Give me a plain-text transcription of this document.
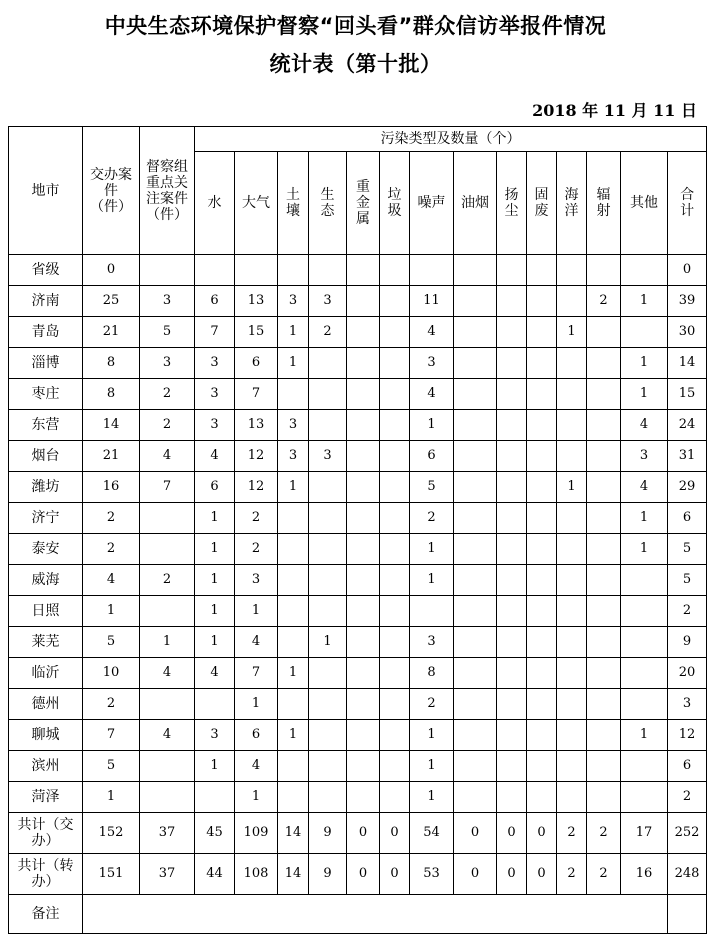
中央生态环境保护督察“回头看”群众信访举报件情况
统计表（第十批）
2018 年 11 月 11 日
地市	交办案件（件）	督察组重点关注案件（件）	污染类型及数量（个）													
			水	大气	土壤	生态	重金属	垃圾	噪声	油烟	扬尘	固废	海洋	辐射	其他	合计
省级	0															0
济南	25	3	6	13	3	3			11					2	1	39
青岛	21	5	7	15	1	2			4				1			30
淄博	8	3	3	6	1				3						1	14
枣庄	8	2	3	7					4						1	15
东营	14	2	3	13	3				1						4	24
烟台	21	4	4	12	3	3			6						3	31
潍坊	16	7	6	12	1				5				1		4	29
济宁	2		1	2					2						1	6
泰安	2		1	2					1						1	5
威海	4	2	1	3					1							5
日照	1		1	1												2
莱芜	5	1	1	4		1			3							9
临沂	10	4	4	7	1				8							20
德州	2			1					2							3
聊城	7	4	3	6	1				1						1	12
滨州	5		1	4					1							6
菏泽	1			1					1							2
共计（交办）	152	37	45	109	14	9	0	0	54	0	0	0	2	2	17	252
共计（转办）	151	37	44	108	14	9	0	0	53	0	0	0	2	2	16	248
备注																
